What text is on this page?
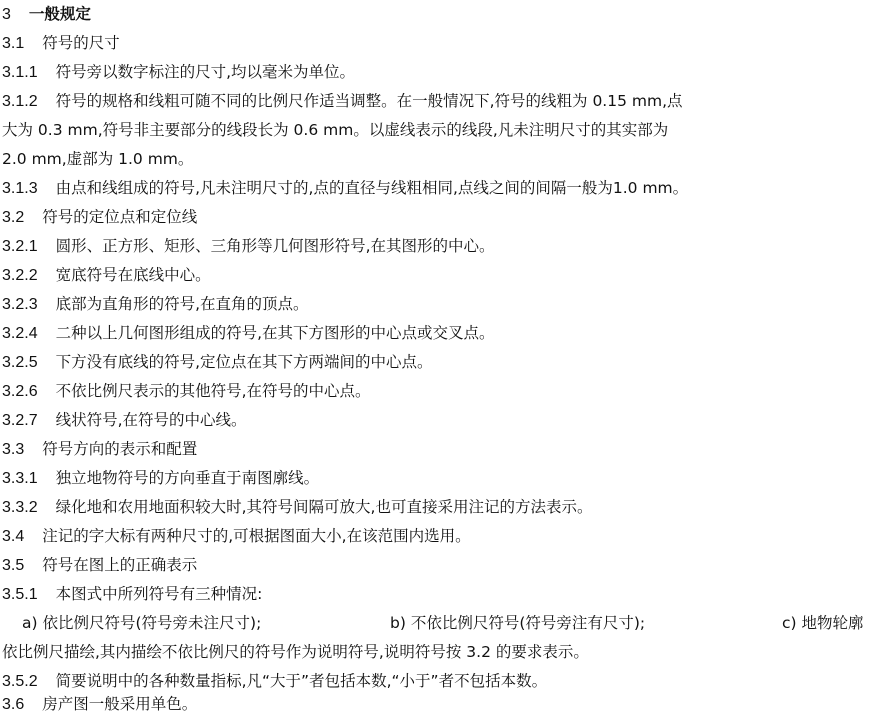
3 一般规定
3.1 符号的尺寸
3.1.1 符号旁以数字标注的尺寸,均以毫米为单位。
3.1.2 符号的规格和线粗可随不同的比例尺作适当调整。在一般情况下,符号的线粗为 0.15 mm,点
大为 0.3 mm,符号非主要部分的线段长为 0.6 mm。以虚线表示的线段,凡未注明尺寸的其实部为
2.0 mm,虚部为 1.0 mm。
3.1.3 由点和线组成的符号,凡未注明尺寸的,点的直径与线粗相同,点线之间的间隔一般为1.0 mm。
3.2 符号的定位点和定位线
3.2.1 圆形、正方形、矩形、三角形等几何图形符号,在其图形的中心。
3.2.2 宽底符号在底线中心。
3.2.3 底部为直角形的符号,在直角的顶点。
3.2.4 二种以上几何图形组成的符号,在其下方图形的中心点或交叉点。
3.2.5 下方没有底线的符号,定位点在其下方两端间的中心点。
3.2.6 不依比例尺表示的其他符号,在符号的中心点。
3.2.7 线状符号,在符号的中心线。
3.3 符号方向的表示和配置
3.3.1 独立地物符号的方向垂直于南图廓线。
3.3.2 绿化地和农用地面积较大时,其符号间隔可放大,也可直接采用注记的方法表示。
3.4 注记的字大标有两种尺寸的,可根据图面大小,在该范围内选用。
3.5 符号在图上的正确表示
3.5.1 本图式中所列符号有三种情况:
a) 依比例尺符号(符号旁未注尺寸);	b) 不依比例尺符号(符号旁注有尺寸);	c) 地物轮廓
依比例尺描绘,其内描绘不依比例尺的符号作为说明符号,说明符号按 3.2 的要求表示。
3.5.2 简要说明中的各种数量指标,凡“大于”者包括本数,“小于”者不包括本数。
3.6 房产图一般采用单色。
